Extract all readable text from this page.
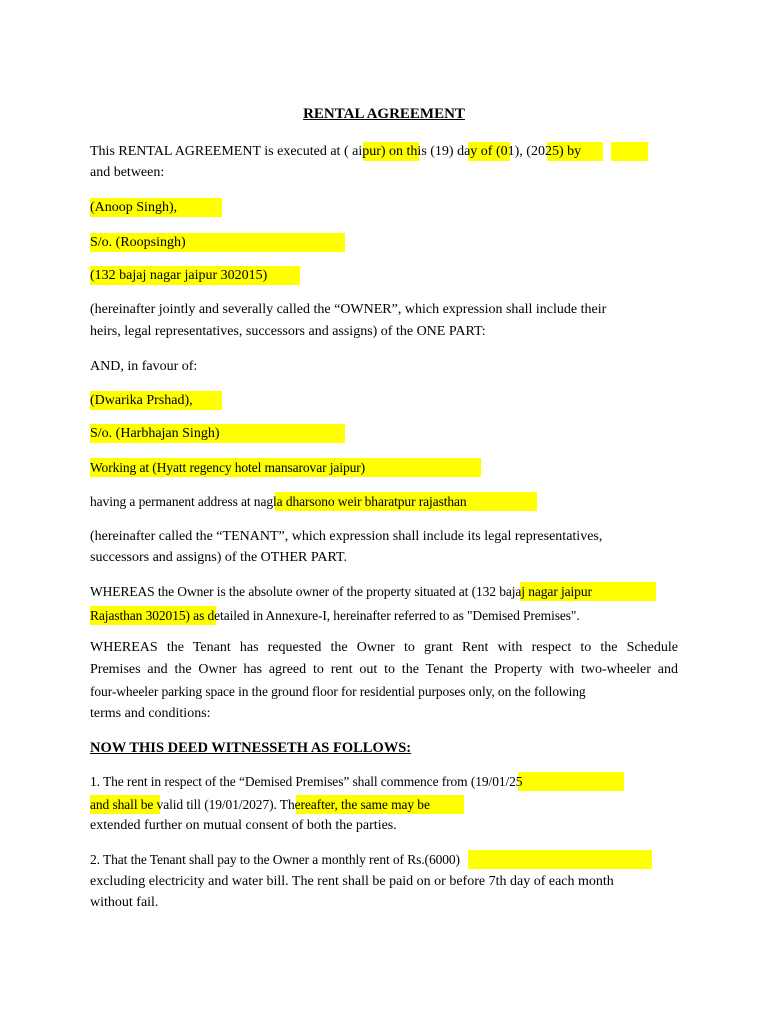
RENTAL AGREEMENT
This RENTAL AGREEMENT is executed at ( aipur) on this (19) day of (01), (2025) by
and between:
(Anoop Singh),
S/o. (Roopsingh)
(132 bajaj nagar jaipur 302015)
(hereinafter jointly and severally called the “OWNER”, which expression shall include their
heirs, legal representatives, successors and assigns) of the ONE PART:
AND, in favour of:
(Dwarika Prshad),
S/o. (Harbhajan Singh)
Working at (Hyatt regency hotel mansarovar jaipur)
having a permanent address at nagla dharsono weir bharatpur rajasthan
(hereinafter called the “TENANT”, which expression shall include its legal representatives,
successors and assigns) of the OTHER PART.
WHEREAS the Owner is the absolute owner of the property situated at (132 bajaj nagar jaipur
Rajasthan 302015) as detailed in Annexure-I, hereinafter referred to as "Demised Premises".
WHEREAS the Tenant has requested the Owner to grant Rent with respect to the Schedule
Premises and the Owner has agreed to rent out to the Tenant the Property with two-wheeler and
four-wheeler parking space in the ground floor for residential purposes only, on the following
terms and conditions:
NOW THIS DEED WITNESSETH AS FOLLOWS:
1. The rent in respect of the “Demised Premises” shall commence from (19/01/25
and shall be valid till (19/01/2027). Thereafter, the same may be
extended further on mutual consent of both the parties.
2. That the Tenant shall pay to the Owner a monthly rent of Rs.(6000)
excluding electricity and water bill. The rent shall be paid on or before 7th day of each month
without fail.
